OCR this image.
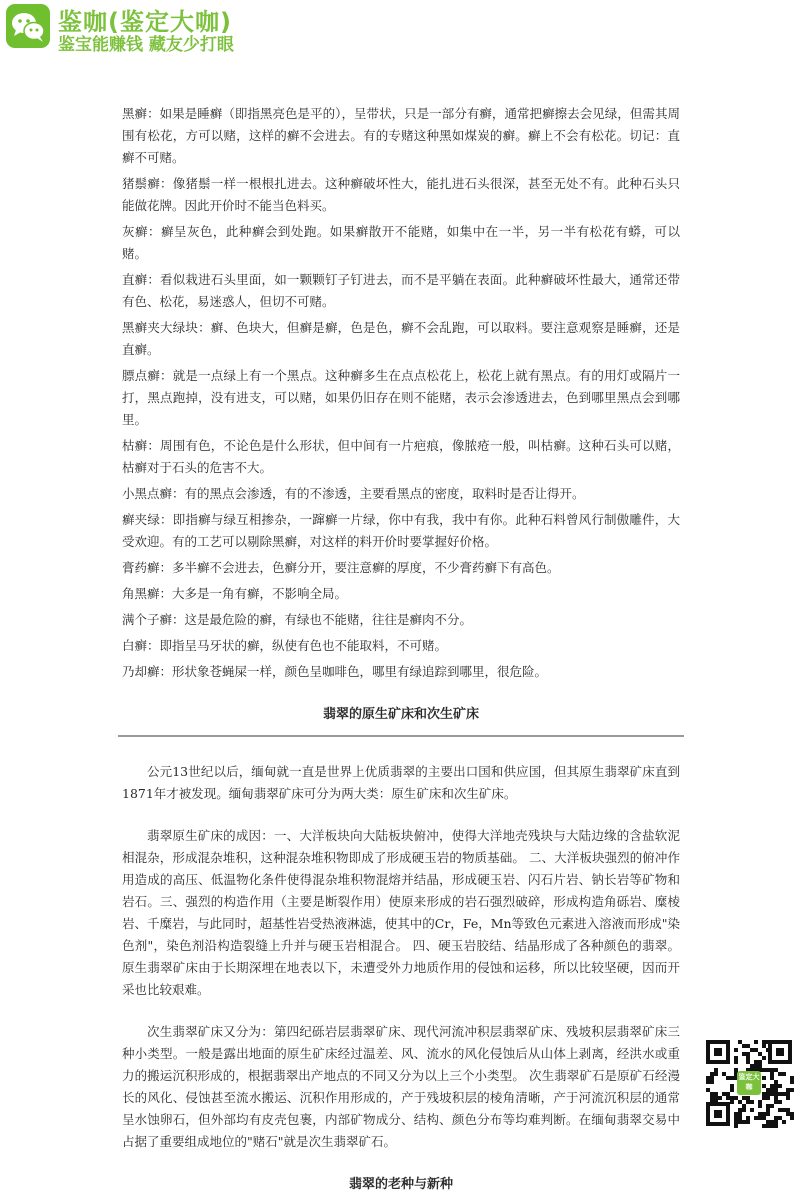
鉴咖(鉴定大咖)
鉴宝能赚钱 藏友少打眼

黑癣：如果是睡癣（即指黑亮色是平的），呈带状，只是一部分有癣，通常把癣擦去会见绿，但需其周围有松花，方可以赌，这样的癣不会进去。有的专赌这种黑如煤炭的癣。癣上不会有松花。切记：直癣不可赌。

猪鬃癣：像猪鬃一样一根根扎进去。这种癣破坏性大，能扎进石头很深，甚至无处不有。此种石头只能做花牌。因此开价时不能当色料买。

灰癣：癣呈灰色，此种癣会到处跑。如果癣散开不能赌，如集中在一半，另一半有松花有蟒，可以赌。

直癣：看似栽进石头里面，如一颗颗钉子钉进去，而不是平躺在表面。此种癣破坏性最大，通常还带有色、松花，易迷惑人，但切不可赌。

黑癣夹大绿块：癣、色块大，但癣是癣，色是色，癣不会乱跑，可以取料。要注意观察是睡癣，还是直癣。

膘点癣：就是一点绿上有一个黑点。这种癣多生在点点松花上，松花上就有黑点。有的用灯或隔片一打，黑点跑掉，没有进支，可以赌，如果仍旧存在则不能赌，表示会渗透进去，色到哪里黑点会到哪里。

枯癣：周围有色，不论色是什么形状，但中间有一片疤痕，像脓疮一般，叫枯癣。这种石头可以赌，枯癣对于石头的危害不大。

小黑点癣：有的黑点会渗透，有的不渗透，主要看黑点的密度，取料时是否让得开。

癣夹绿：即指癣与绿互相掺杂，一蹿癣一片绿，你中有我，我中有你。此种石料曾风行制傲雕件，大受欢迎。有的工艺可以剔除黑癣，对这样的料开价时要掌握好价格。

膏药癣：多半癣不会进去，色癣分开，要注意癣的厚度，不少膏药癣下有高色。

角黑癣：大多是一角有癣，不影响全局。

满个子癣：这是最危险的癣，有绿也不能赌，往往是癣肉不分。

白癣：即指呈马牙状的癣，纵使有色也不能取料，不可赌。

乃却癣：形状象苍蝇屎一样，颜色呈咖啡色，哪里有绿追踪到哪里，很危险。

翡翠的原生矿床和次生矿床

公元13世纪以后，缅甸就一直是世界上优质翡翠的主要出口国和供应国，但其原生翡翠矿床直到1871年才被发现。缅甸翡翠矿床可分为两大类：原生矿床和次生矿床。

翡翠原生矿床的成因：一、大洋板块向大陆板块俯冲，使得大洋地壳残块与大陆边缘的含盐软泥相混杂，形成混杂堆积，这种混杂堆积物即成了形成硬玉岩的物质基础。 二、大洋板块强烈的俯冲作用造成的高压、低温物化条件使得混杂堆积物混熔并结晶，形成硬玉岩、闪石片岩、钠长岩等矿物和岩石。三、强烈的构造作用（主要是断裂作用）使原来形成的岩石强烈破碎，形成构造角砾岩、糜棱岩、千糜岩，与此同时，超基性岩受热液淋滤，使其中的Cr，Fe，Mn等致色元素进入溶液而形成"染色剂"，染色剂沿构造裂缝上升并与硬玉岩相混合。 四、硬玉岩胶结、结晶形成了各种颜色的翡翠。 原生翡翠矿床由于长期深埋在地表以下，未遭受外力地质作用的侵蚀和运移，所以比较坚硬，因而开采也比较艰难。

次生翡翠矿床又分为：第四纪砾岩层翡翠矿床、现代河流冲积层翡翠矿床、残坡积层翡翠矿床三种小类型。一般是露出地面的原生矿床经过温差、风、流水的风化侵蚀后从山体上剥离，经洪水或重力的搬运沉积形成的，根据翡翠出产地点的不同又分为以上三个小类型。 次生翡翠矿石是原矿石经漫长的风化、侵蚀甚至流水搬运、沉积作用形成的，产于残坡积层的棱角清晰，产于河流沉积层的通常呈水蚀卵石，但外部均有皮壳包裹，内部矿物成分、结构、颜色分布等均难判断。在缅甸翡翠交易中占据了重要组成地位的"赌石"就是次生翡翠矿石。

翡翠的老种与新种
鉴定大咖
